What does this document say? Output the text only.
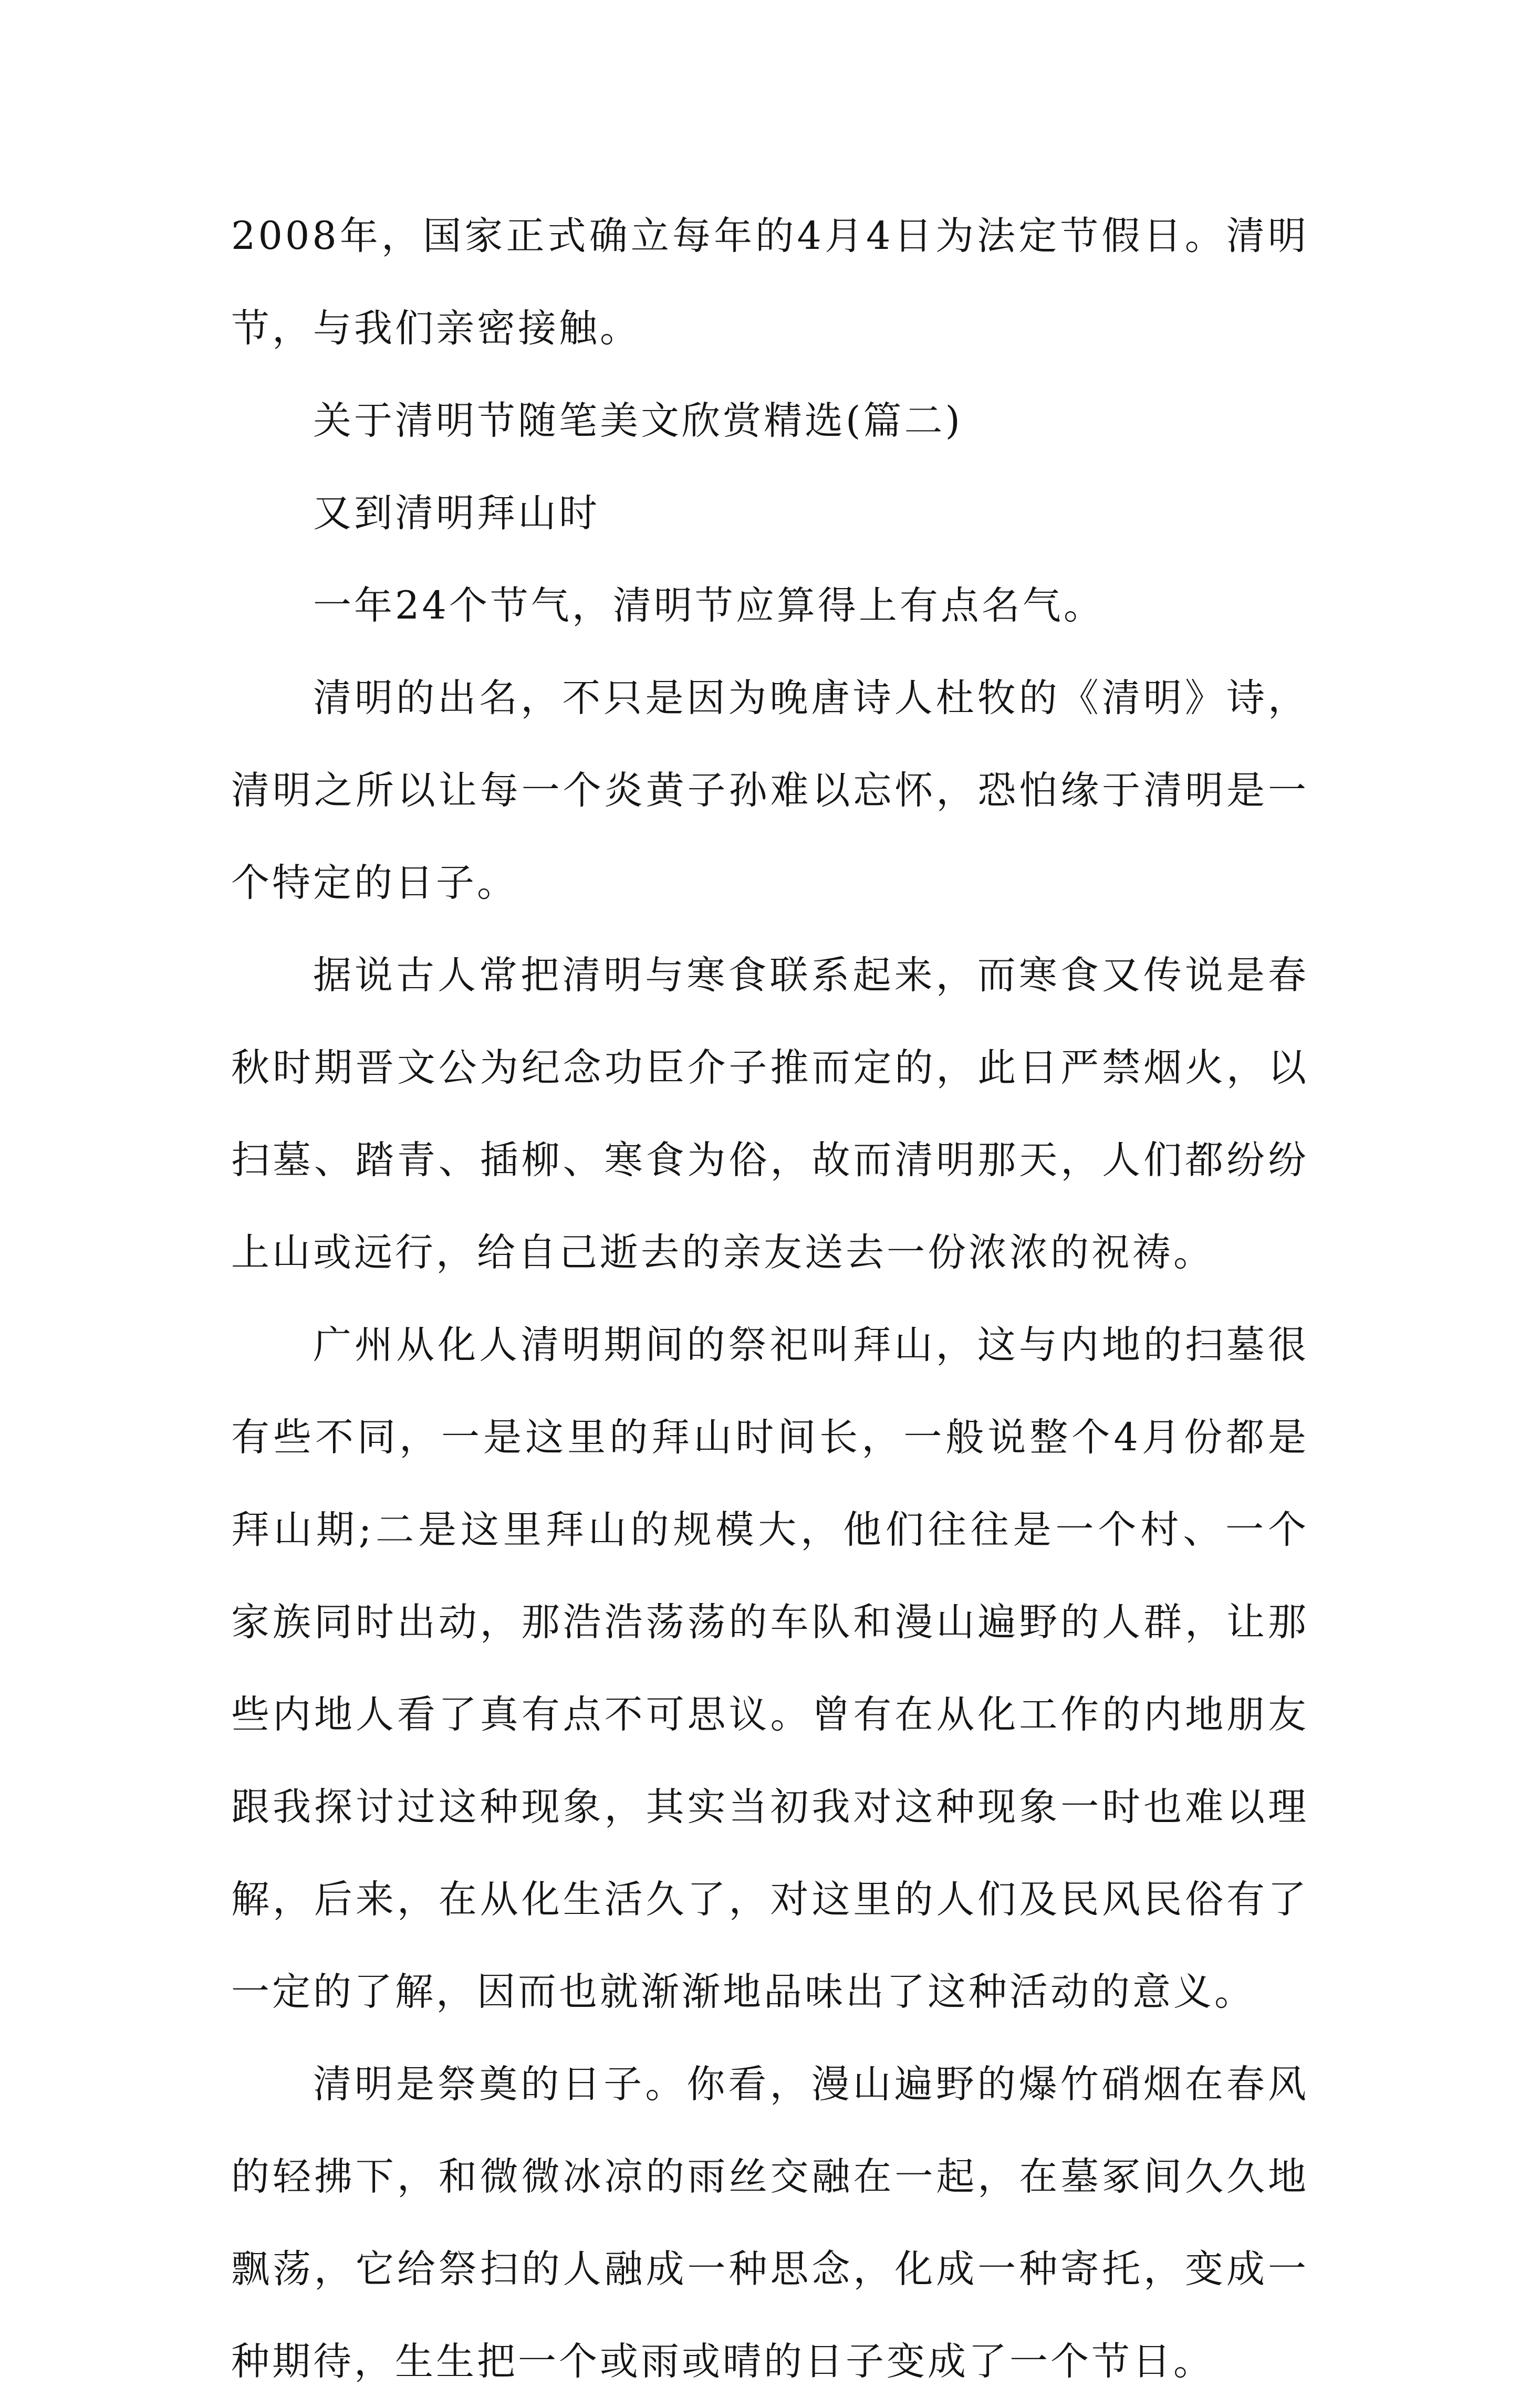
2008年，国家正式确立每年的4月4日为法定节假日。清明节，与我们亲密接触。

关于清明节随笔美文欣赏精选(篇二)

又到清明拜山时

一年24个节气，清明节应算得上有点名气。

清明的出名，不只是因为晚唐诗人杜牧的《清明》诗，清明之所以让每一个炎黄子孙难以忘怀，恐怕缘于清明是一个特定的日子。

据说古人常把清明与寒食联系起来，而寒食又传说是春秋时期晋文公为纪念功臣介子推而定的，此日严禁烟火，以扫墓、踏青、插柳、寒食为俗，故而清明那天，人们都纷纷上山或远行，给自己逝去的亲友送去一份浓浓的祝祷。

广州从化人清明期间的祭祀叫拜山，这与内地的扫墓很有些不同，一是这里的拜山时间长，一般说整个4月份都是拜山期;二是这里拜山的规模大，他们往往是一个村、一个家族同时出动，那浩浩荡荡的车队和漫山遍野的人群，让那些内地人看了真有点不可思议。曾有在从化工作的内地朋友跟我探讨过这种现象，其实当初我对这种现象一时也难以理解，后来，在从化生活久了，对这里的人们及民风民俗有了一定的了解，因而也就渐渐地品味出了这种活动的意义。

清明是祭奠的日子。你看，漫山遍野的爆竹硝烟在春风的轻拂下，和微微冰凉的雨丝交融在一起，在墓冢间久久地飘荡，它给祭扫的人融成一种思念，化成一种寄托，变成一种期待，生生把一个或雨或晴的日子变成了一个节日。
